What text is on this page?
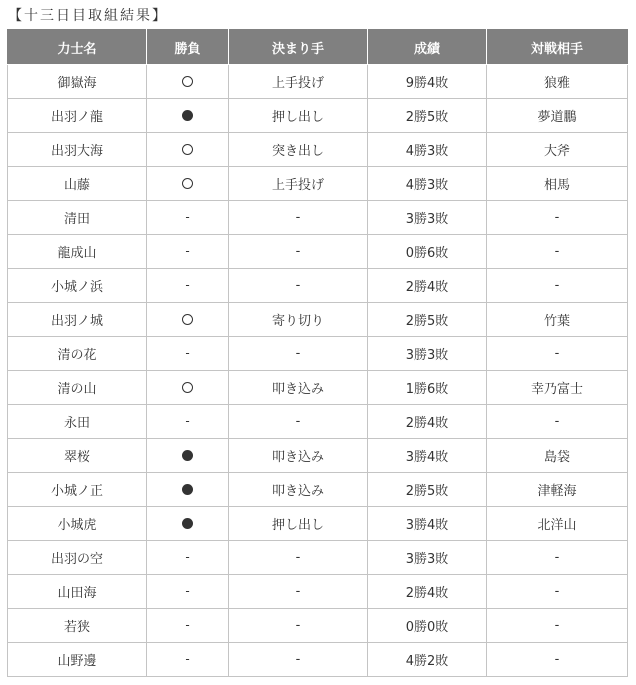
【十三日目取組結果】
力士名	勝負	決まり手	成績	対戦相手
御嶽海		上手投げ	9勝4敗	狼雅
出羽ノ龍		押し出し	2勝5敗	夢道鵬
出羽大海		突き出し	4勝3敗	大斧
山藤		上手投げ	4勝3敗	相馬
清田	-	-	3勝3敗	-
龍成山	-	-	0勝6敗	-
小城ノ浜	-	-	2勝4敗	-
出羽ノ城		寄り切り	2勝5敗	竹葉
清の花	-	-	3勝3敗	-
清の山		叩き込み	1勝6敗	幸乃富士
永田	-	-	2勝4敗	-
翠桜		叩き込み	3勝4敗	島袋
小城ノ正		叩き込み	2勝5敗	津軽海
小城虎		押し出し	3勝4敗	北洋山
出羽の空	-	-	3勝3敗	-
山田海	-	-	2勝4敗	-
若狭	-	-	0勝0敗	-
山野邊	-	-	4勝2敗	-
